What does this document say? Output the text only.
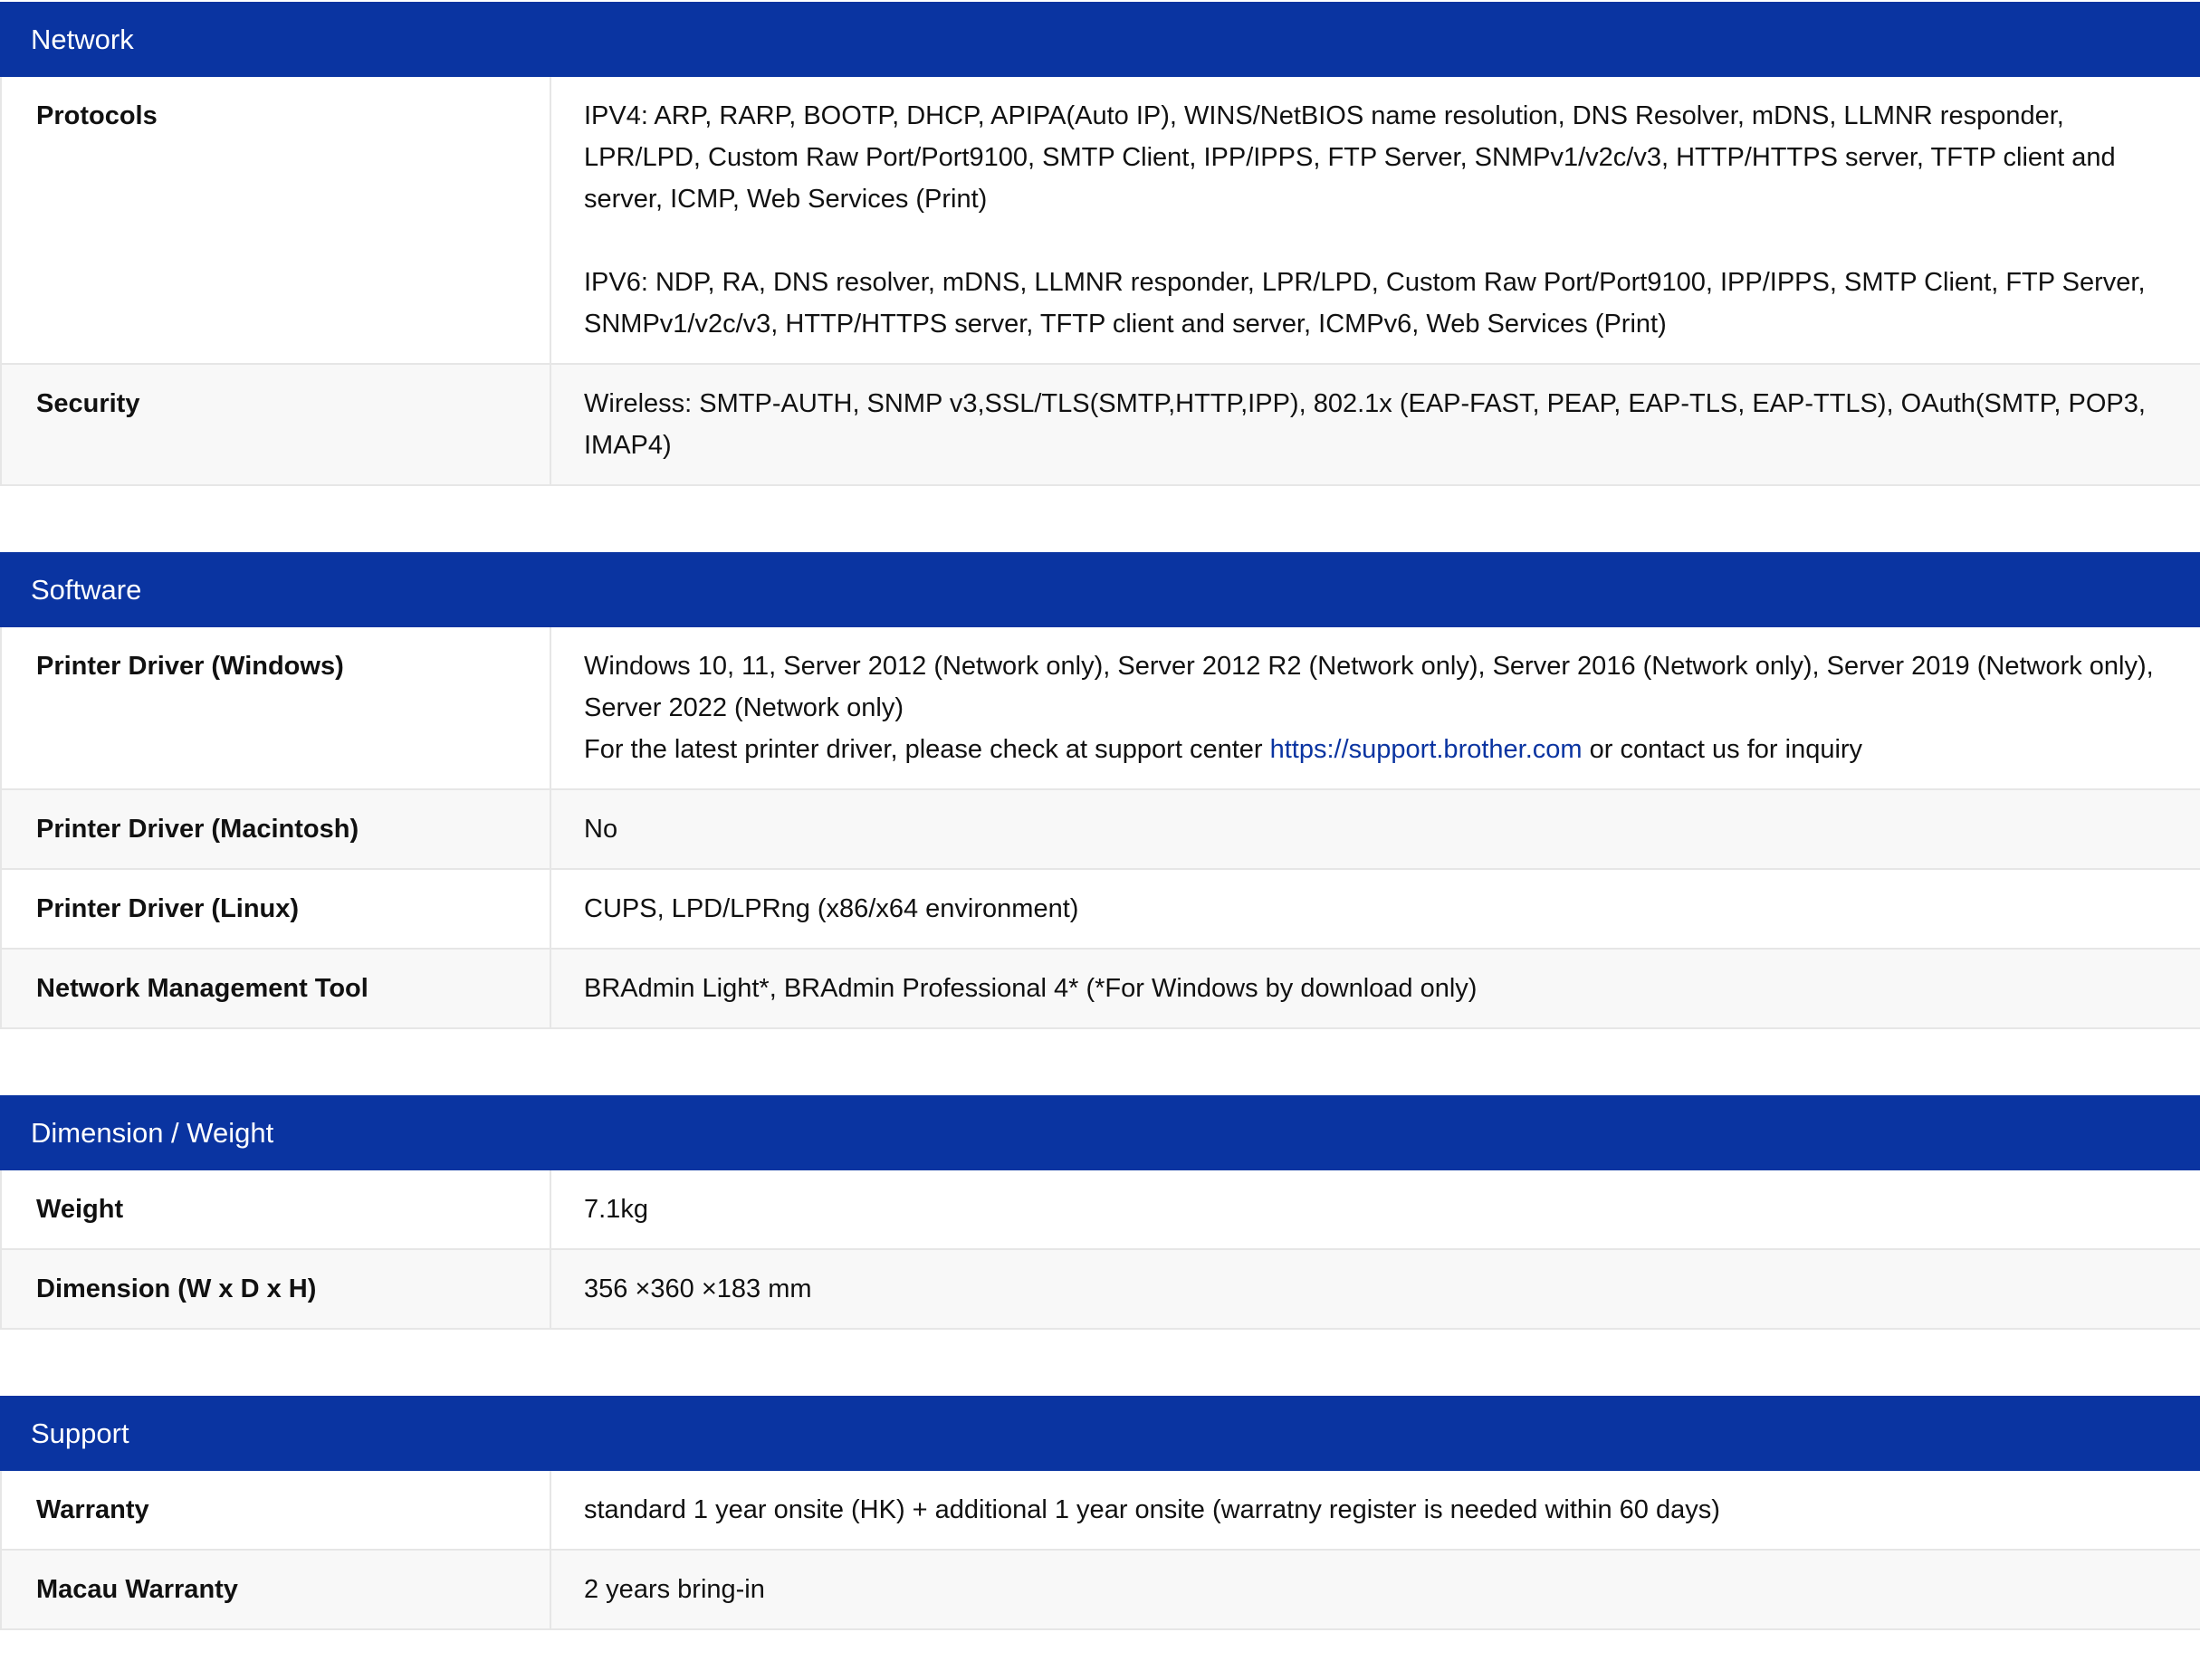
Network
Protocols	IPV4: ARP, RARP, BOOTP, DHCP, APIPA(Auto IP), WINS/NetBIOS name resolution, DNS Resolver, mDNS, LLMNR responder, LPR/LPD, Custom Raw Port/Port9100, SMTP Client, IPP/IPPS, FTP Server, SNMPv1/v2c/v3, HTTP/HTTPS server, TFTP client and server, ICMP, Web Services (Print)
IPV6: NDP, RA, DNS resolver, mDNS, LLMNR responder, LPR/LPD, Custom Raw Port/Port9100, IPP/IPPS, SMTP Client, FTP Server, SNMPv1/v2c/v3, HTTP/HTTPS server, TFTP client and server, ICMPv6, Web Services (Print)

Security	Wireless: SMTP-AUTH, SNMP v3,SSL/TLS(SMTP,HTTP,IPP), 802.1x (EAP-FAST, PEAP, EAP-TLS, EAP-TTLS), OAuth(SMTP, POP3, IMAP4)
Software
Printer Driver (Windows)	Windows 10, 11, Server 2012 (Network only), Server 2012 R2 (Network only), Server 2016 (Network only), Server 2019 (Network only), Server 2022 (Network only)
For the latest printer driver, please check at support center https://support.brother.com or contact us for inquiry

Printer Driver (Macintosh)	No
Printer Driver (Linux)	CUPS, LPD/LPRng (x86/x64 environment)
Network Management Tool	BRAdmin Light*, BRAdmin Professional 4* (*For Windows by download only)
Dimension / Weight
Weight	7.1kg
Dimension (W x D x H)	356 ×360 ×183 mm
Support
Warranty	standard 1 year onsite (HK) + additional 1 year onsite (warratny register is needed within 60 days)
Macau Warranty	2 years bring-in
